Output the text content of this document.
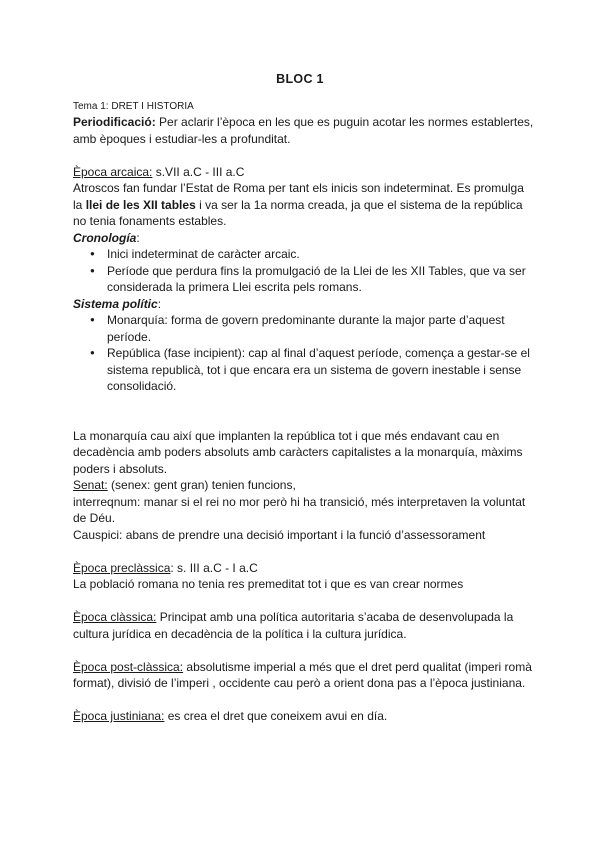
BLOC 1

Tema 1: DRET I HISTORIA

Periodificació: Per aclarir l’època en les que es puguin acotar les normes establertes, amb èpoques i estudiar-les a profunditat.

Època arcaica: s.VII a.C - III a.C

Atroscos fan fundar l’Estat de Roma per tant els inicis son indeterminat. Es promulga la llei de les XII tables i va ser la 1a norma creada, ja que el sistema de la república no tenia fonaments estables.

Cronología:

● Inici indeterminat de caràcter arcaic.
● Període que perdura fins la promulgació de la Llei de les XII Tables, que va ser considerada la primera Llei escrita pels romans.

Sistema polític:

● Monarquía: forma de govern predominante durante la major parte d’aquest període.
● República (fase incipient): cap al final d’aquest període, comença a gestar-se el sistema republicà, tot i que encara era un sistema de govern inestable i sense consolidació.

La monarquía cau així que implanten la república tot i que més endavant cau en decadència amb poders absoluts amb caràcters capitalistes a la monarquía, màxims poders i absoluts.

Senat: (senex: gent gran) tenien funcions,

interreqnum: manar si el rei no mor però hi ha transició, més interpretaven la voluntat de Déu.

Causpici: abans de prendre una decisió important i la funció d’assessorament

Època preclàssica: s. III a.C - I a.C

La població romana no tenia res premeditat tot i que es van crear normes

Època clàssica: Principat amb una política autoritaria s’acaba de desenvolupada la cultura jurídica en decadència de la política i la cultura jurídica.

Època post-clàssica: absolutisme imperial a més que el dret perd qualitat (imperi romà format), divisió de l’imperi , occidente cau però a orient dona pas a l’època justiniana.

Època justiniana: es crea el dret que coneixem avui en día.
